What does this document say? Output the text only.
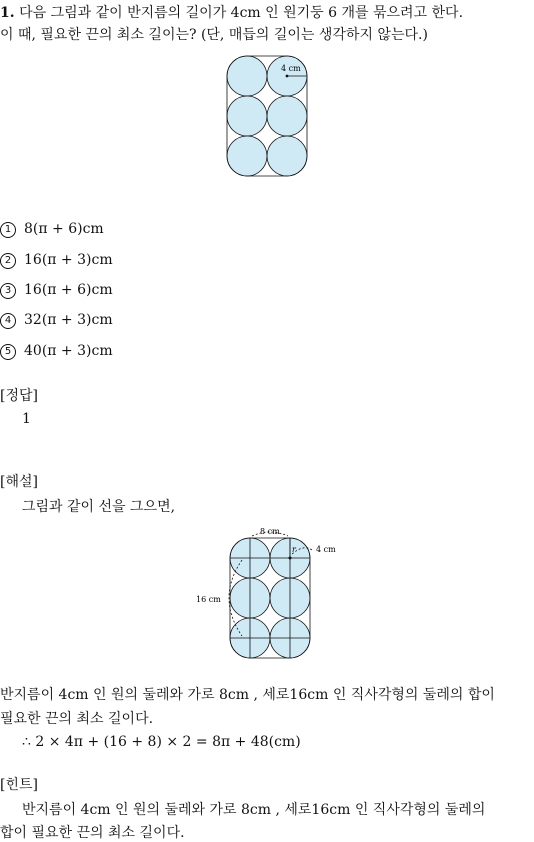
1. 다음 그림과 같이 반지름의 길이가 4cm 인 원기둥 6 개를 묶으려고 한다.
이 때, 필요한 끈의 최소 길이는? (단, 매듭의 길이는 생각하지 않는다.)
4 cm
1 8(π + 6)cm
2 16(π + 3)cm
3 16(π + 6)cm
4 32(π + 3)cm
5 40(π + 3)cm
[정답]
1
[해설]
그림과 같이 선을 그으면,
8 cm
4 cm
16 cm
r
반지름이 4cm 인 원의 둘레와 가로 8cm , 세로16cm 인 직사각형의 둘레의 합이
필요한 끈의 최소 길이다.
∴ 2 × 4π + (16 + 8) × 2 = 8π + 48(cm)
[힌트]
반지름이 4cm 인 원의 둘레와 가로 8cm , 세로16cm 인 직사각형의 둘레의
합이 필요한 끈의 최소 길이다.
